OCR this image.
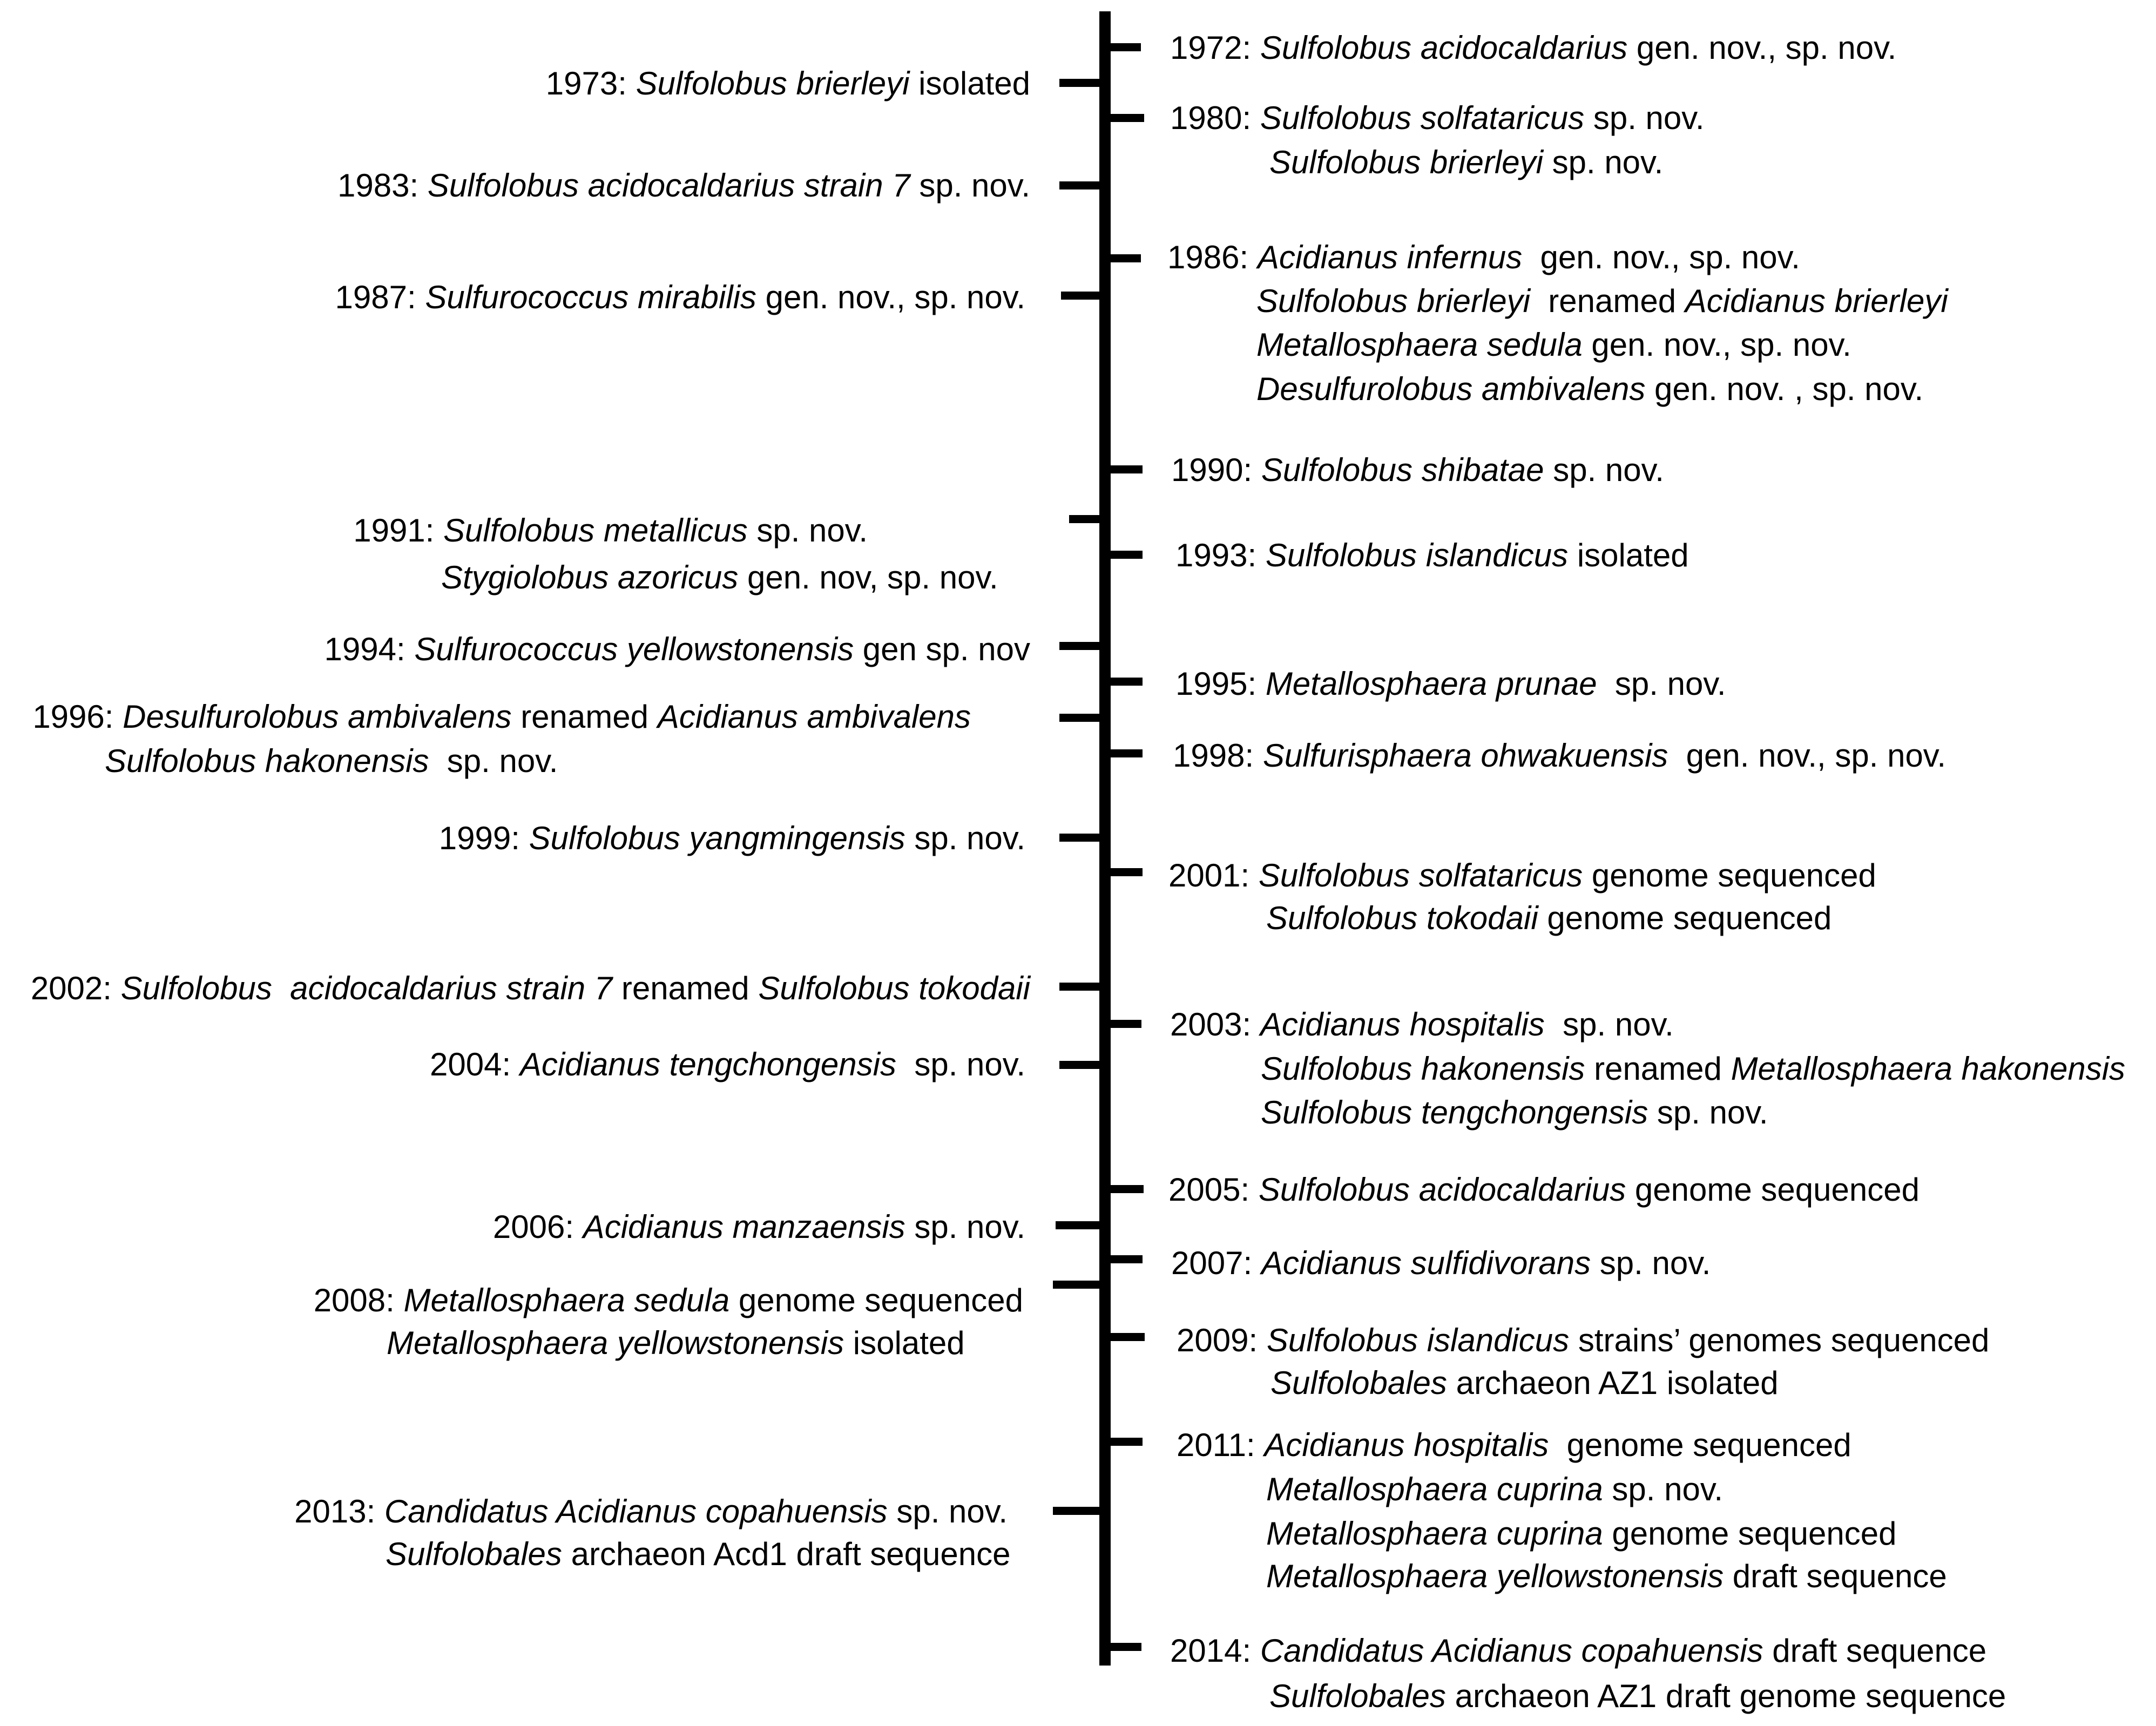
1973: Sulfolobus brierleyi isolated
1983: Sulfolobus acidocaldarius strain 7 sp. nov.
1987: Sulfurococcus mirabilis gen. nov., sp. nov.
1991: Sulfolobus metallicus sp. nov.
Stygiolobus azoricus gen. nov, sp. nov.
1994: Sulfurococcus yellowstonensis gen sp. nov
1996: Desulfurolobus ambivalens renamed Acidianus ambivalens
Sulfolobus hakonensis  sp. nov.
1999: Sulfolobus yangmingensis sp. nov.
2002: Sulfolobus  acidocaldarius strain 7 renamed Sulfolobus tokodaii
2004: Acidianus tengchongensis  sp. nov.
2006: Acidianus manzaensis sp. nov.
2008: Metallosphaera sedula genome sequenced
Metallosphaera yellowstonensis isolated
2013: Candidatus Acidianus copahuensis sp. nov.
Sulfolobales archaeon Acd1 draft sequence
1972: Sulfolobus acidocaldarius gen. nov., sp. nov.
1980: Sulfolobus solfataricus sp. nov.
Sulfolobus brierleyi sp. nov.
1986: Acidianus infernus  gen. nov., sp. nov.
Sulfolobus brierleyi  renamed Acidianus brierleyi
Metallosphaera sedula gen. nov., sp. nov.
Desulfurolobus ambivalens gen. nov. , sp. nov.
1990: Sulfolobus shibatae sp. nov.
1993: Sulfolobus islandicus isolated
1995: Metallosphaera prunae  sp. nov.
1998: Sulfurisphaera ohwakuensis  gen. nov., sp. nov.
2001: Sulfolobus solfataricus genome sequenced
Sulfolobus tokodaii genome sequenced
2003: Acidianus hospitalis  sp. nov.
Sulfolobus hakonensis renamed Metallosphaera hakonensis
Sulfolobus tengchongensis sp. nov.
2005: Sulfolobus acidocaldarius genome sequenced
2007: Acidianus sulfidivorans sp. nov.
2009: Sulfolobus islandicus strains’ genomes sequenced
Sulfolobales archaeon AZ1 isolated
2011: Acidianus hospitalis  genome sequenced
Metallosphaera cuprina sp. nov.
Metallosphaera cuprina genome sequenced
Metallosphaera yellowstonensis draft sequence
2014: Candidatus Acidianus copahuensis draft sequence
Sulfolobales archaeon AZ1 draft genome sequence
